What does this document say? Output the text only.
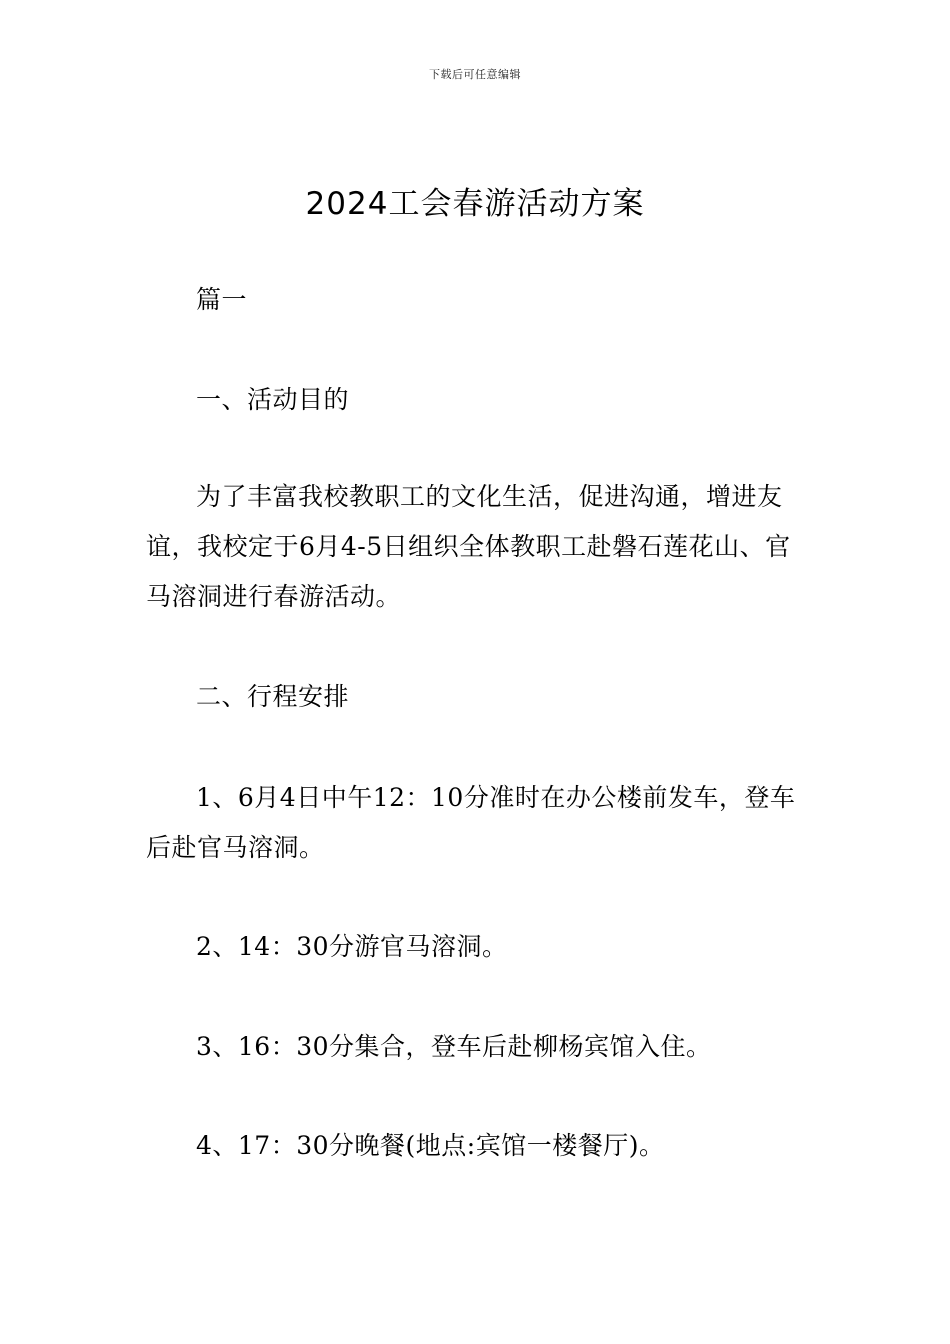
下载后可任意编辑
2024工会春游活动方案

篇一

一、活动目的

为了丰富我校教职工的文化生活，促进沟通，增进友谊，我校定于6月4-5日组织全体教职工赴磐石莲花山、官马溶洞进行春游活动。

二、行程安排

1、6月4日中午12：10分准时在办公楼前发车，登车后赴官马溶洞。

2、14：30分游官马溶洞。

3、16：30分集合，登车后赴柳杨宾馆入住。

4、17：30分晚餐(地点:宾馆一楼餐厅)。
